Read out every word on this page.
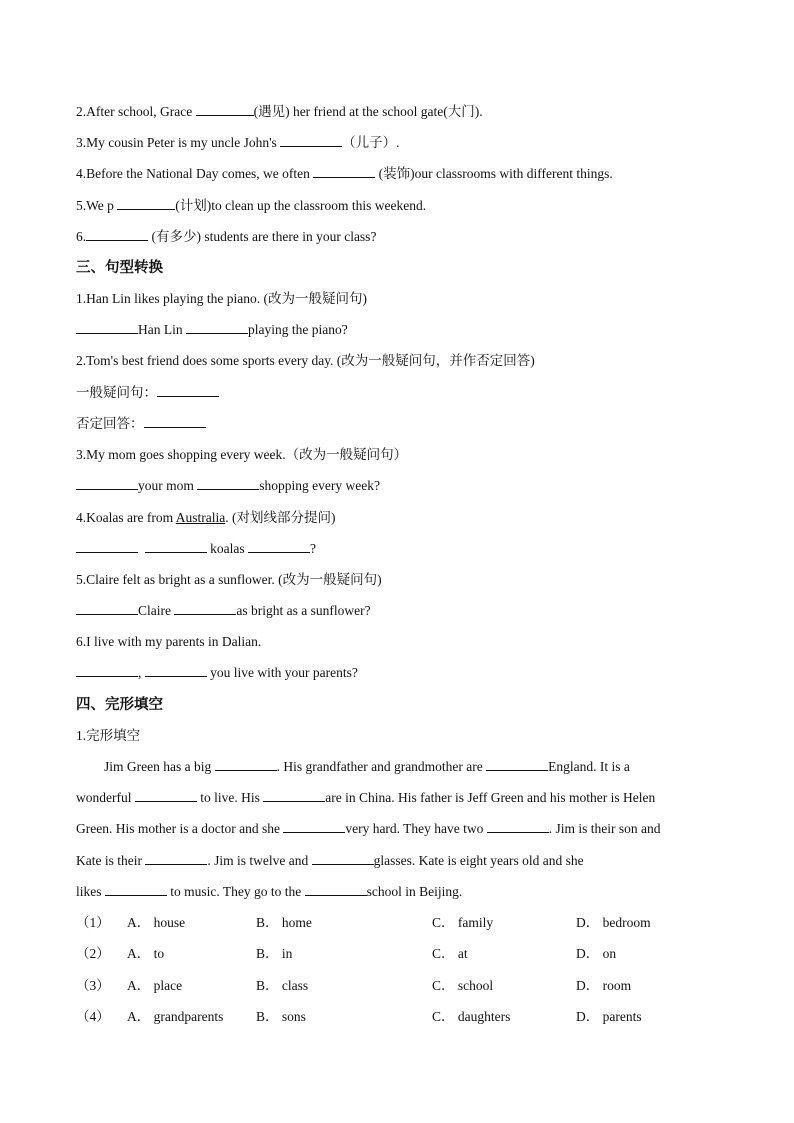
2.After school, Grace	(遇见) her friend at the school gate(大门).
3.My cousin Peter is my uncle John's	（儿子）.
4.Before the National Day comes, we often	(装饰)our classrooms with different things.
5.We p	(计划)to clean up the classroom this weekend.
6.	(有多少) students are there in your class?
三、句型转换
1.Han Lin likes playing the piano. (改为一般疑问句)
Han Lin	playing the piano?
2.Tom's best friend does some sports every day. (改为一般疑问句，并作否定回答)
一般疑问句：
否定回答：
3.My mom goes shopping every week.（改为一般疑问句）
your mom	shopping every week?
4.Koalas are from Australia. (对划线部分提问)
koalas	?
5.Claire felt as bright as a sunflower. (改为一般疑问句)
Claire	as bright as a sunflower?
6.I live with my parents in Dalian.
,	you live with your parents?
四、完形填空
1.完形填空
Jim Green has a big	. His grandfather and grandmother are	England. It is a
wonderful	to live. His	are in China. His father is Jeff Green and his mother is Helen
Green. His mother is a doctor and she	very hard. They have two	. Jim is their son and
Kate is their	. Jim is twelve and	glasses. Kate is eight years old and she
likes	to music. They go to the	school in Beijing.
（1） A． house	B． home	C． family	D． bedroom
（2） A． to	B． in	C． at	D． on
（3） A． place	B． class	C． school	D． room
（4） A． grandparents B． sons	C． daughters	D． parents
